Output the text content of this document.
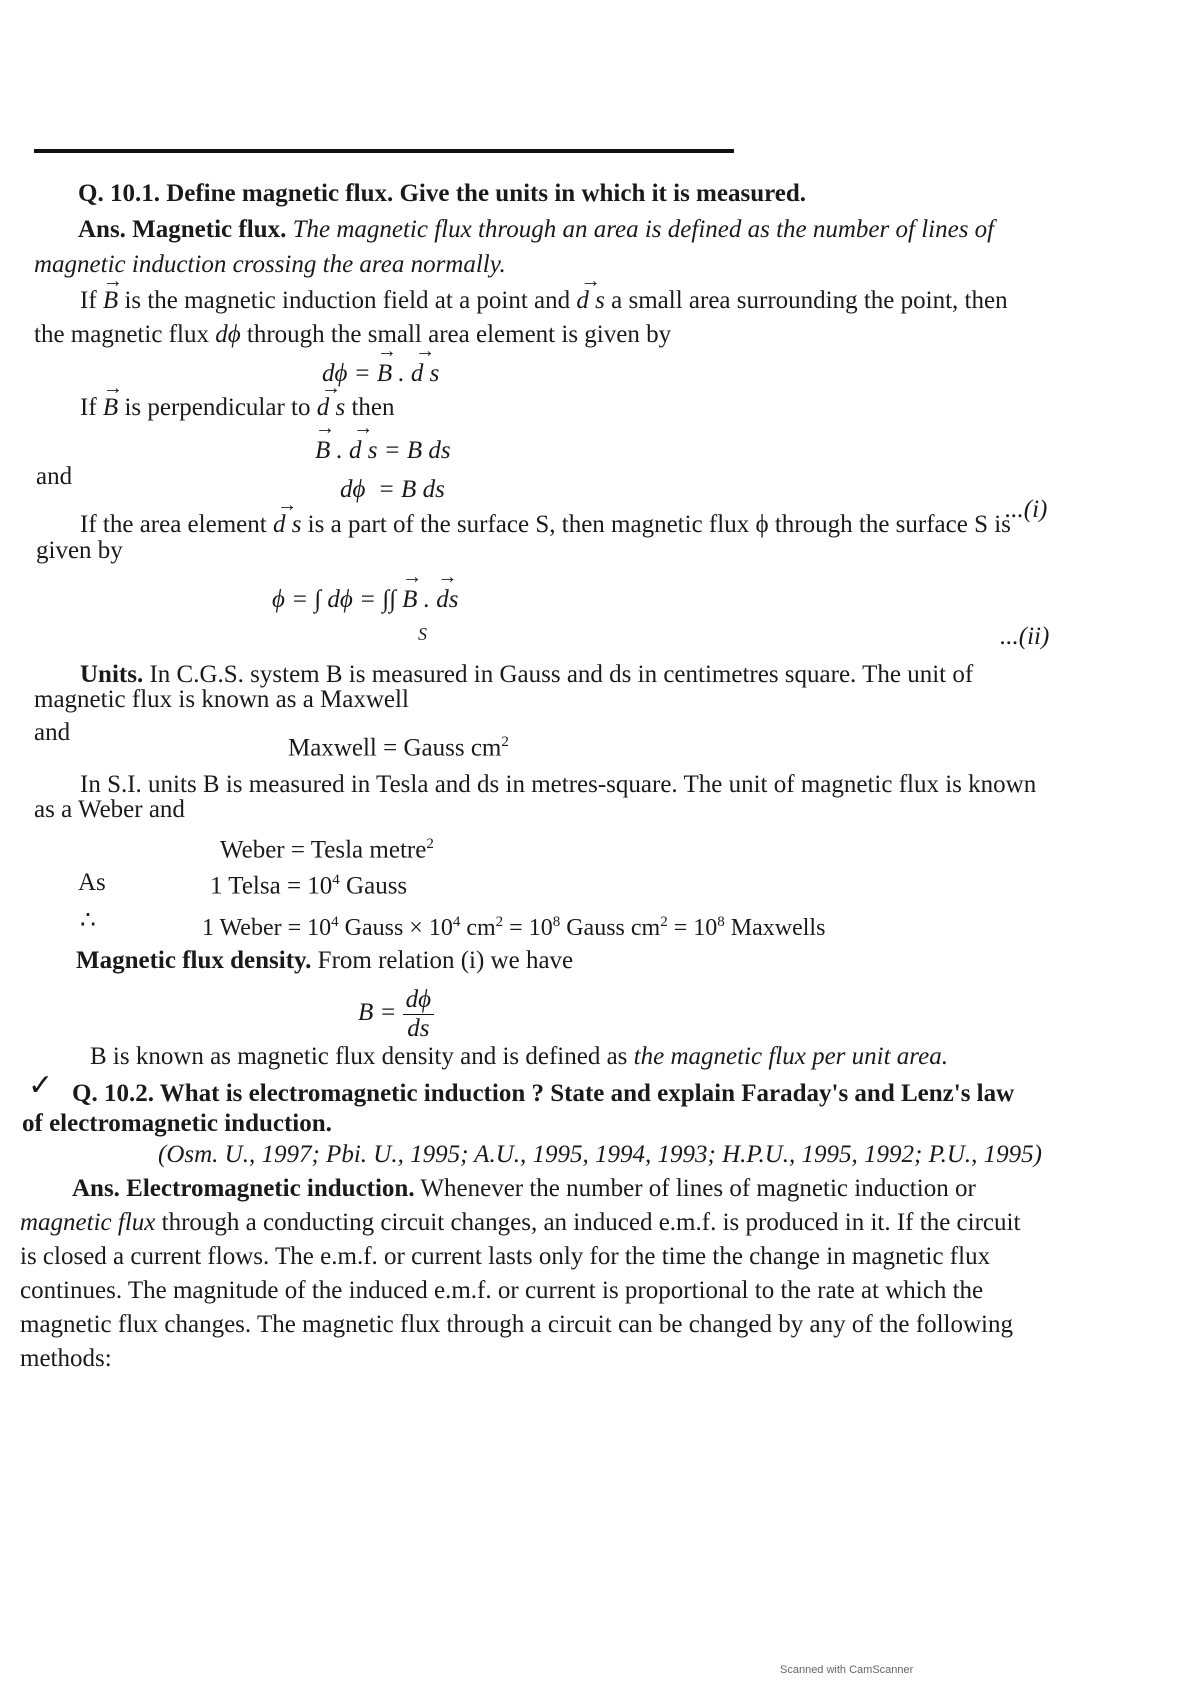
Q. 10.1. Define magnetic flux. Give the units in which it is measured.
Ans. Magnetic flux. The magnetic flux through an area is defined as the number of lines of
magnetic induction crossing the area normally.
If → B is the magnetic induction field at a point and → d s a small area surrounding the point, then
the magnetic flux dϕ through the small area element is given by
dϕ = → B . → d s
If → B is perpendicular to → d s then
→ B . → d s = B ds
and	dϕ  = B ds
...(i)
If the area element → d s is a part of the surface S, then magnetic flux ϕ through the surface S is
given by
ϕ = ∫ dϕ = ∫∫ → B . → ds
S	...(ii)
Units. In C.G.S. system B is measured in Gauss and ds in centimetres square. The unit of
magnetic flux is known as a Maxwell
and
Maxwell = Gauss $cm^2$
In S.I. units B is measured in Tesla and ds in metres-square. The unit of magnetic flux is known
as a Weber and
Weber = Tesla metre$^2$
As	1 Telsa = $10^4$ Gauss
∴	1 Weber = $10^4$ Gauss × $10^4$ $cm^2 = 10^8$ Gauss $cm^2 = 10^8$ Maxwells
Magnetic flux density. From relation (i) we have
$B = \frac{d\phi}{ds}$
B is known as magnetic flux density and is defined as the magnetic flux per unit area.
✓ Q. 10.2. What is electromagnetic induction ? State and explain Faraday's and Lenz's law
of electromagnetic induction.
(Osm. U., 1997; Pbi. U., 1995; A.U., 1995, 1994, 1993; H.P.U., 1995, 1992; P.U., 1995)
Ans. Electromagnetic induction. Whenever the number of lines of magnetic induction or
magnetic flux through a conducting circuit changes, an induced e.m.f. is produced in it. If the circuit
is closed a current flows. The e.m.f. or current lasts only for the time the change in magnetic flux
continues. The magnitude of the induced e.m.f. or current is proportional to the rate at which the
magnetic flux changes. The magnetic flux through a circuit can be changed by any of the following
methods:
Scanned with CamScanner
